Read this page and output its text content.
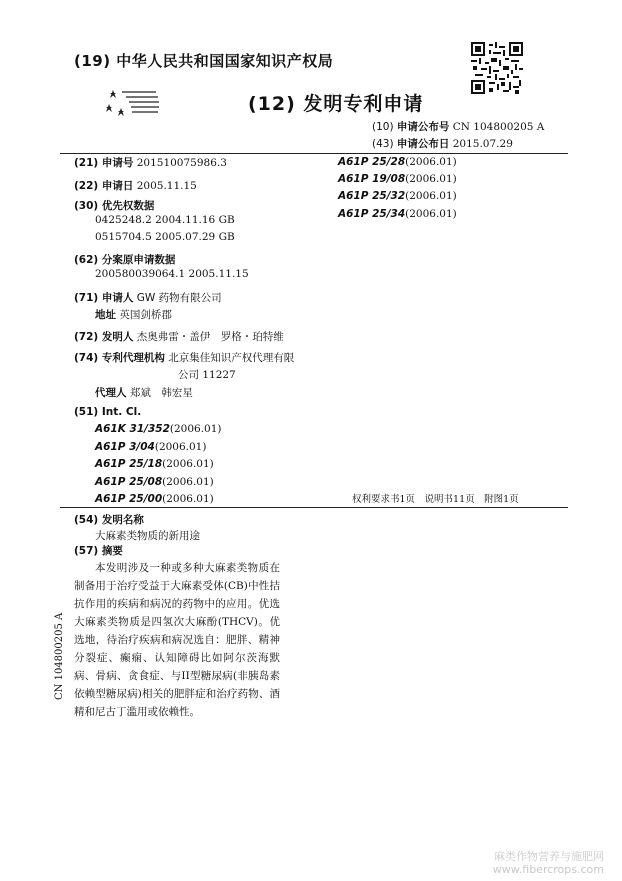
(19) 中华人民共和国国家知识产权局
(12) 发明专利申请
(10) 申请公布号 CN 104800205 A
(43) 申请公布日 2015.07.29
(21) 申请号 201510075986.3
(22) 申请日 2005.11.15
(30) 优先权数据
0425248.2 2004.11.16 GB
0515704.5 2005.07.29 GB
(62) 分案原申请数据
200580039064.1 2005.11.15
(71) 申请人 GW 药物有限公司
地址 英国剑桥郡
(72) 发明人 杰奥弗雷・盖伊　罗格・珀特维
(74) 专利代理机构 北京集佳知识产权代理有限
公司 11227
代理人 郑斌　韩宏星
(51) Int. Cl.
A61K 31/352(2006.01)
A61P 3/04(2006.01)
A61P 25/18(2006.01)
A61P 25/08(2006.01)
A61P 25/00(2006.01)
A61P 25/28(2006.01)
A61P 19/08(2006.01)
A61P 25/32(2006.01)
A61P 25/34(2006.01)
权利要求书1页　说明书11页　附图1页
(54) 发明名称
大麻素类物质的新用途
(57) 摘要
本发明涉及一种或多种大麻素类物质在制备用于治疗受益于大麻素受体(CB)中性拮抗作用的疾病和病况的药物中的应用。优选大麻素类物质是四氢次大麻酚(THCV)。优选地，待治疗疾病和病况选自：肥胖、精神分裂症、癫痫、认知障碍比如阿尔茨海默病、骨病、贪食症、与II型糖尿病(非胰岛素依赖型糖尿病)相关的肥胖症和治疗药物、酒精和尼古丁滥用或依赖性。
CN 104800205 A
麻类作物营养与施肥网
www.fibercrops.com
